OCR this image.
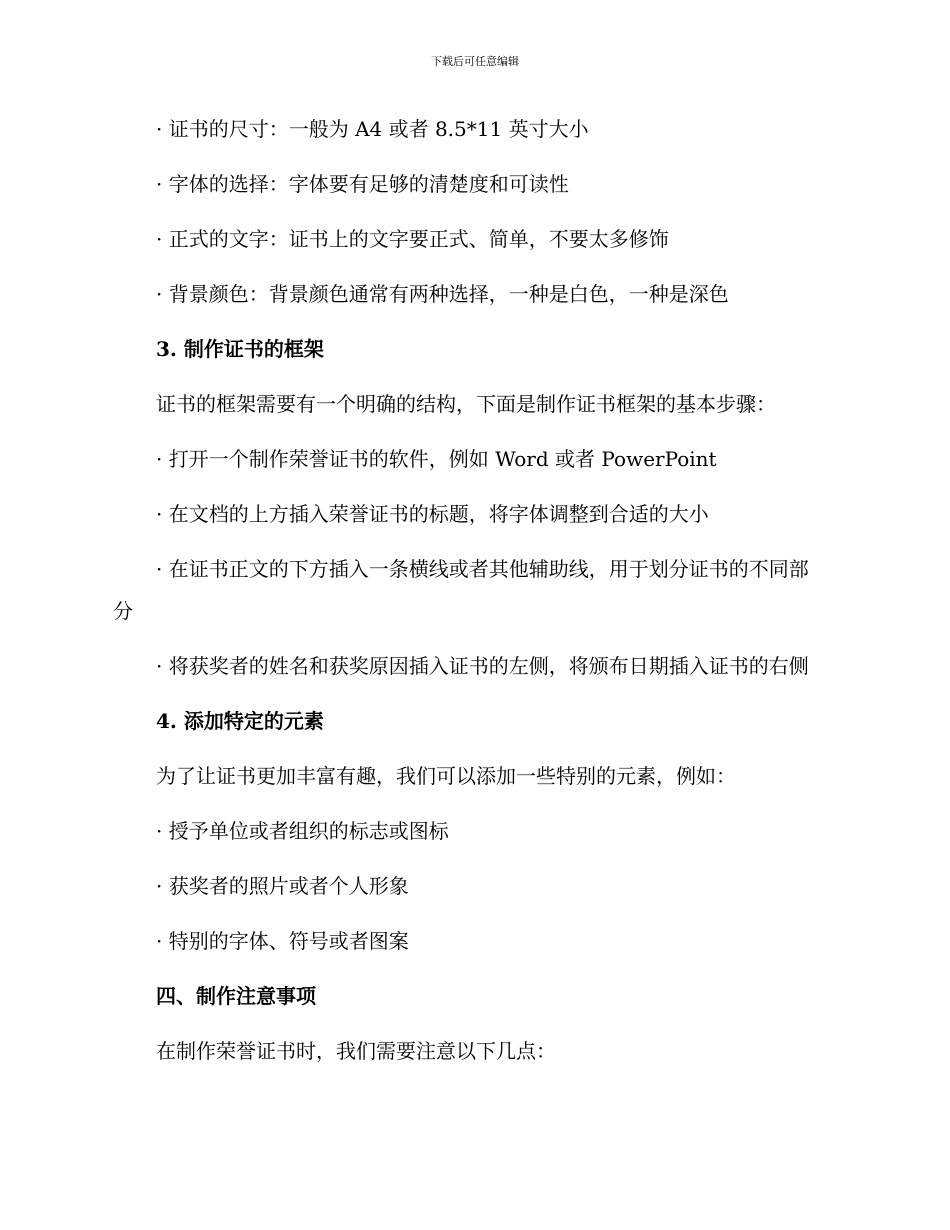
下载后可任意编辑

· 证书的尺寸：一般为 A4 或者 8.5*11 英寸大小

· 字体的选择：字体要有足够的清楚度和可读性

· 正式的文字：证书上的文字要正式、简单，不要太多修饰

· 背景颜色：背景颜色通常有两种选择，一种是白色，一种是深色

3. 制作证书的框架

证书的框架需要有一个明确的结构，下面是制作证书框架的基本步骤：

· 打开一个制作荣誉证书的软件，例如 Word 或者 PowerPoint

· 在文档的上方插入荣誉证书的标题，将字体调整到合适的大小

· 在证书正文的下方插入一条横线或者其他辅助线，用于划分证书的不同部分

· 将获奖者的姓名和获奖原因插入证书的左侧，将颁布日期插入证书的右侧

4. 添加特定的元素

为了让证书更加丰富有趣，我们可以添加一些特别的元素，例如：

· 授予单位或者组织的标志或图标

· 获奖者的照片或者个人形象

· 特别的字体、符号或者图案

四、制作注意事项

在制作荣誉证书时，我们需要注意以下几点：
